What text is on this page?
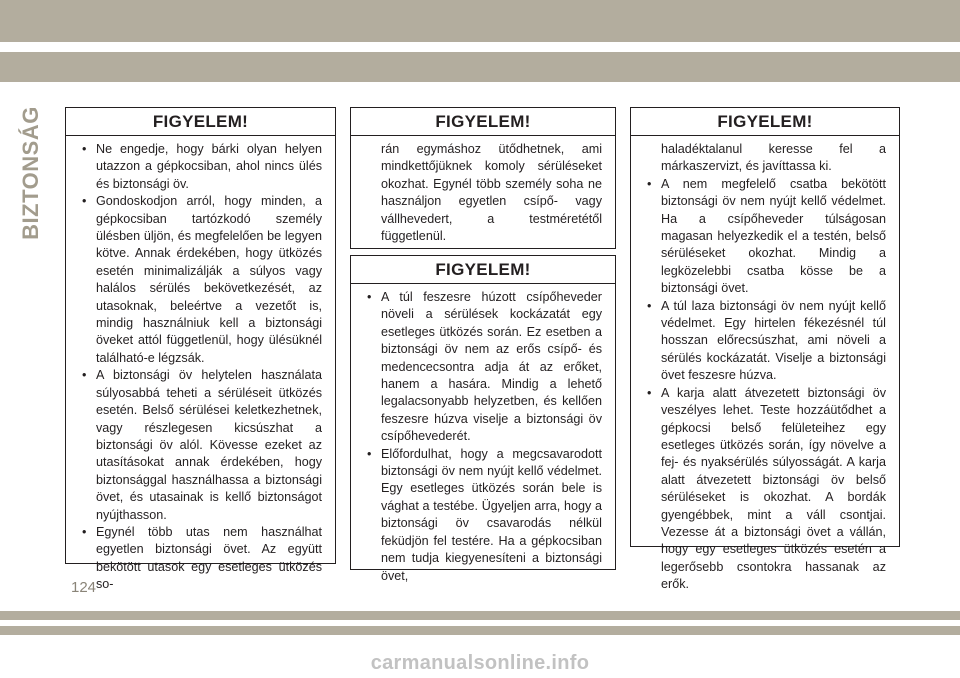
BIZTONSÁG	FIGYELEM!
• Ne engedje, hogy bárki olyan helyen utazzon a gépkocsiban, ahol nincs ülés és biztonsági öv.
• Gondoskodjon arról, hogy minden, a gépkocsiban tartózkodó személy ülésben üljön, és megfelelően be legyen kötve. Annak érdekében, hogy ütközés esetén minimalizálják a súlyos vagy halálos sérülés bekövetkezését, az utasoknak, beleértve a vezetőt is, mindig használniuk kell a biztonsági öveket attól függetlenül, hogy ülésüknél található-e légzsák.
• A biztonsági öv helytelen használata súlyosabbá teheti a sérüléseit ütközés esetén. Belső sérülései keletkezhetnek, vagy részlegesen kicsúszhat a biztonsági öv alól. Kövesse ezeket az utasításokat annak érdekében, hogy biztonsággal használhassa a biztonsági övet, és utasainak is kellő biztonságot nyújthasson.
• Egynél több utas nem használhat egyetlen biztonsági övet. Az együtt bekötött utasok egy esetleges ütközés so-
FIGYELEM!

rán egymáshoz ütődhetnek, ami mindkettőjüknek komoly sérüléseket okozhat. Egynél több személy soha ne használjon egyetlen csípő- vagy vállhevedert, a testméretétől függetlenül.

FIGYELEM!
• A túl feszesre húzott csípőheveder növeli a sérülések kockázatát egy esetleges ütközés során. Ez esetben a biztonsági öv nem az erős csípő- és medencecsontra adja át az erőket, hanem a hasára. Mindig a lehető legalacsonyabb helyzetben, és kellően feszesre húzva viselje a biztonsági öv csípőhevederét.
• Előfordulhat, hogy a megcsavarodott biztonsági öv nem nyújt kellő védelmet. Egy esetleges ütközés során bele is vághat a testébe. Ügyeljen arra, hogy a biztonsági öv csavarodás nélkül feküdjön fel testére. Ha a gépkocsiban nem tudja kiegyenesíteni a biztonsági övet,
FIGYELEM!

haladéktalanul keresse fel a márkaszervizt, és javíttassa ki.

• A nem megfelelő csatba bekötött biztonsági öv nem nyújt kellő védelmet. Ha a csípőheveder túlságosan magasan helyezkedik el a testén, belső sérüléseket okozhat. Mindig a legközelebbi csatba kösse be a biztonsági övet.
• A túl laza biztonsági öv nem nyújt kellő védelmet. Egy hirtelen fékezésnél túl hosszan előrecsúszhat, ami növeli a sérülés kockázatát. Viselje a biztonsági övet feszesre húzva.
• A karja alatt átvezetett biztonsági öv veszélyes lehet. Teste hozzáütődhet a gépkocsi belső felületeihez egy esetleges ütközés során, így növelve a fej- és nyaksérülés súlyosságát. A karja alatt átvezetett biztonsági öv belső sérüléseket is okozhat. A bordák gyengébbek, mint a váll csontjai. Vezesse át a biztonsági övet a vállán, hogy egy esetleges ütközés esetén a legerősebb csontokra hassanak az erők.
124
carmanualsonline.info
